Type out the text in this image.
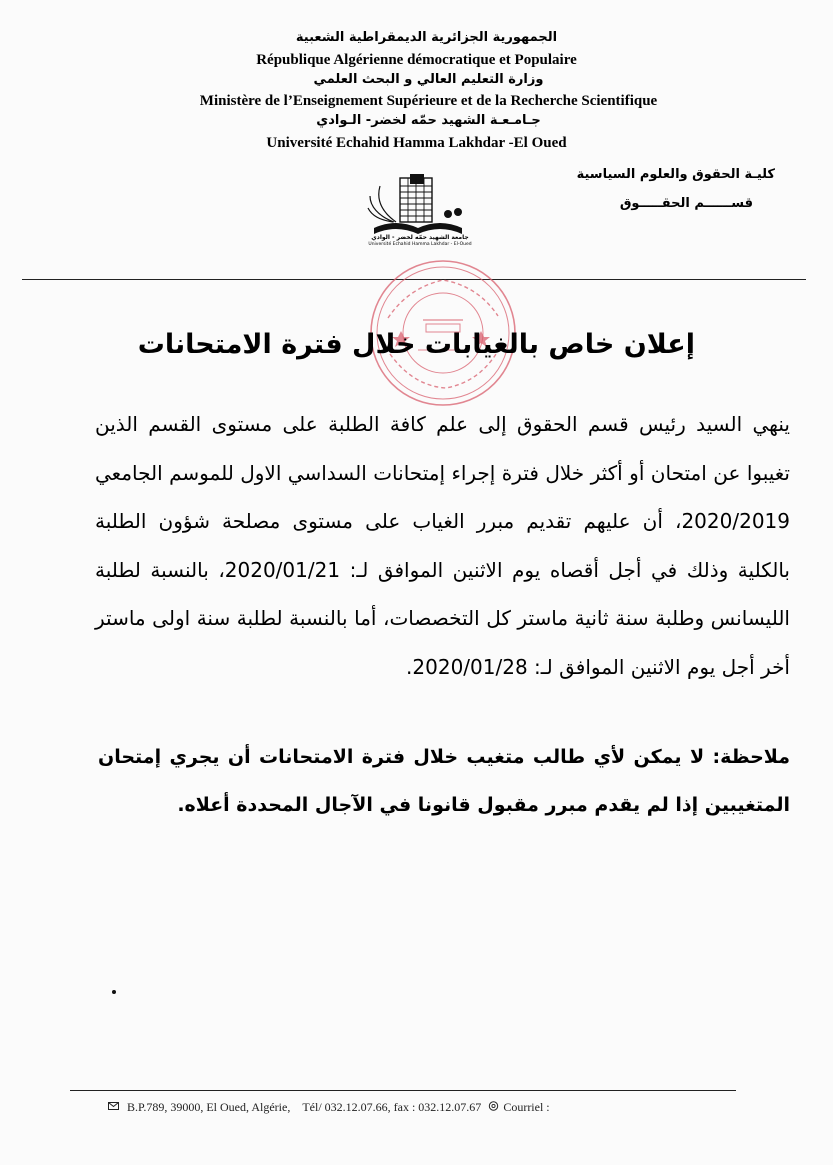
الجمهورية الجزائرية الديمقراطية الشعبية
République Algérienne démocratique et Populaire
وزارة التعليم العالي و البحث العلمي
Ministère de l’Enseignement Supérieure et de la Recherche Scientifique
جـامـعـة الشهيد حمّه لخضر- الـوادي
Université Echahid Hamma Lakhdar -El Oued
كليـة الحقوق والعلوم السياسية
قســــــم الحقـــــوق
جامعة الشهيد حمّه لخضر - الوادي
Université Echahid Hamma Lakhdar - El-Oued
إعلان خاص بالغيابات خلال فترة الامتحانات
ينهي السيد رئيس قسم الحقوق إلى علم كافة الطلبة على مستوى القسم الذين تغيبوا عن امتحان أو أكثر خلال فترة إجراء إمتحانات السداسي الاول للموسم الجامعي 2020/2019، أن عليهم تقديم مبرر الغياب على مستوى مصلحة شؤون الطلبة بالكلية وذلك في أجل أقصاه يوم الاثنين الموافق لـ: 2020/01/21، بالنسبة لطلبة الليسانس وطلبة سنة ثانية ماستر كل التخصصات، أما بالنسبة لطلبة سنة اولى ماستر أخر أجل يوم الاثنين الموافق لـ: 2020/01/28.
ملاحظة: لا يمكن لأي طالب متغيب خلال فترة الامتحانات أن يجري إمتحان المتغيبين إذا لم يقدم مبرر مقبول قانونا في الآجال المحددة أعلاه.
B.P.789, 39000, El Oued, Algérie, Tél/ 032.12.07.66, fax : 032.12.07.67 Courriel :
